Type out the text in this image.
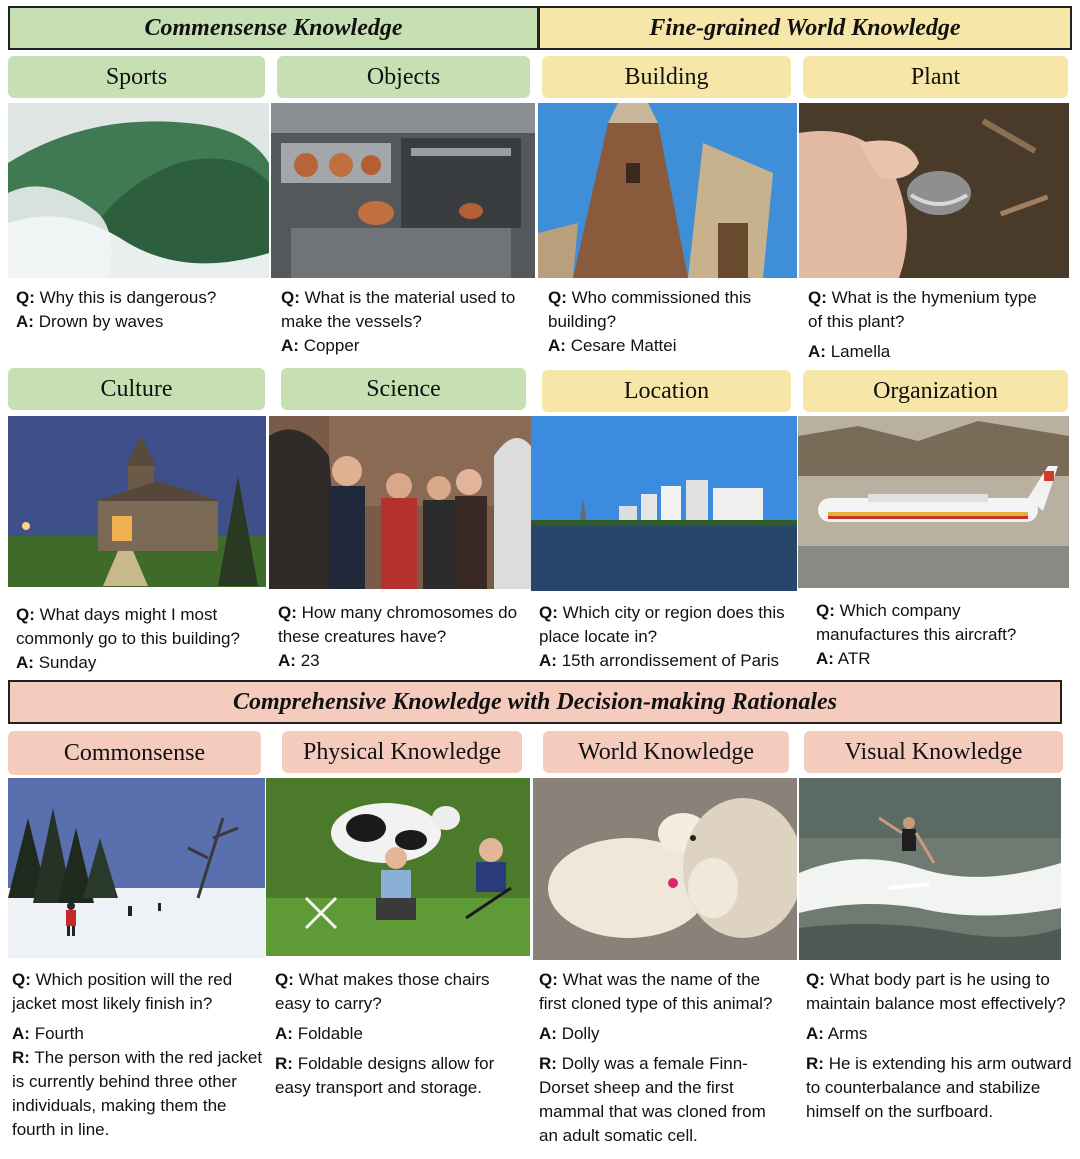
Commensense Knowledge	Fine-grained World Knowledge
Sports	Objects	Building	Plant

Q: Why this is dangerous?

A: Drown by waves

Q: What is the material used to make the vessels?

A: Copper

Q: Who commissioned this building?

A: Cesare Mattei

Q: What is the hymenium type of this plant?

A: Lamella

Culture	Science	Location	Organization

Q: What days might I most commonly go to this building?

A: Sunday

Q: How many chromosomes do these creatures have?

A: 23

Q: Which city or region does this place locate in?

A: 15th arrondissement of Paris

Q: Which company manufactures this aircraft?

A: ATR

Comprehensive Knowledge with Decision-making Rationales
Commonsense	Physical Knowledge	World Knowledge	Visual Knowledge

Q: Which position will the red jacket most likely finish in?

A: Fourth

R: The person with the red jacket is currently behind three other individuals, making them the fourth in line.

Q: What makes those chairs easy to carry?

A: Foldable

R: Foldable designs allow for easy transport and storage.

Q: What was the name of the first cloned type of this animal?

A: Dolly

R: Dolly was a female Finn-Dorset sheep and the first mammal that was cloned from an adult somatic cell.

Q: What body part is he using to maintain balance most effectively?

A: Arms

R: He is extending his arm outward to counterbalance and stabilize himself on the surfboard.
